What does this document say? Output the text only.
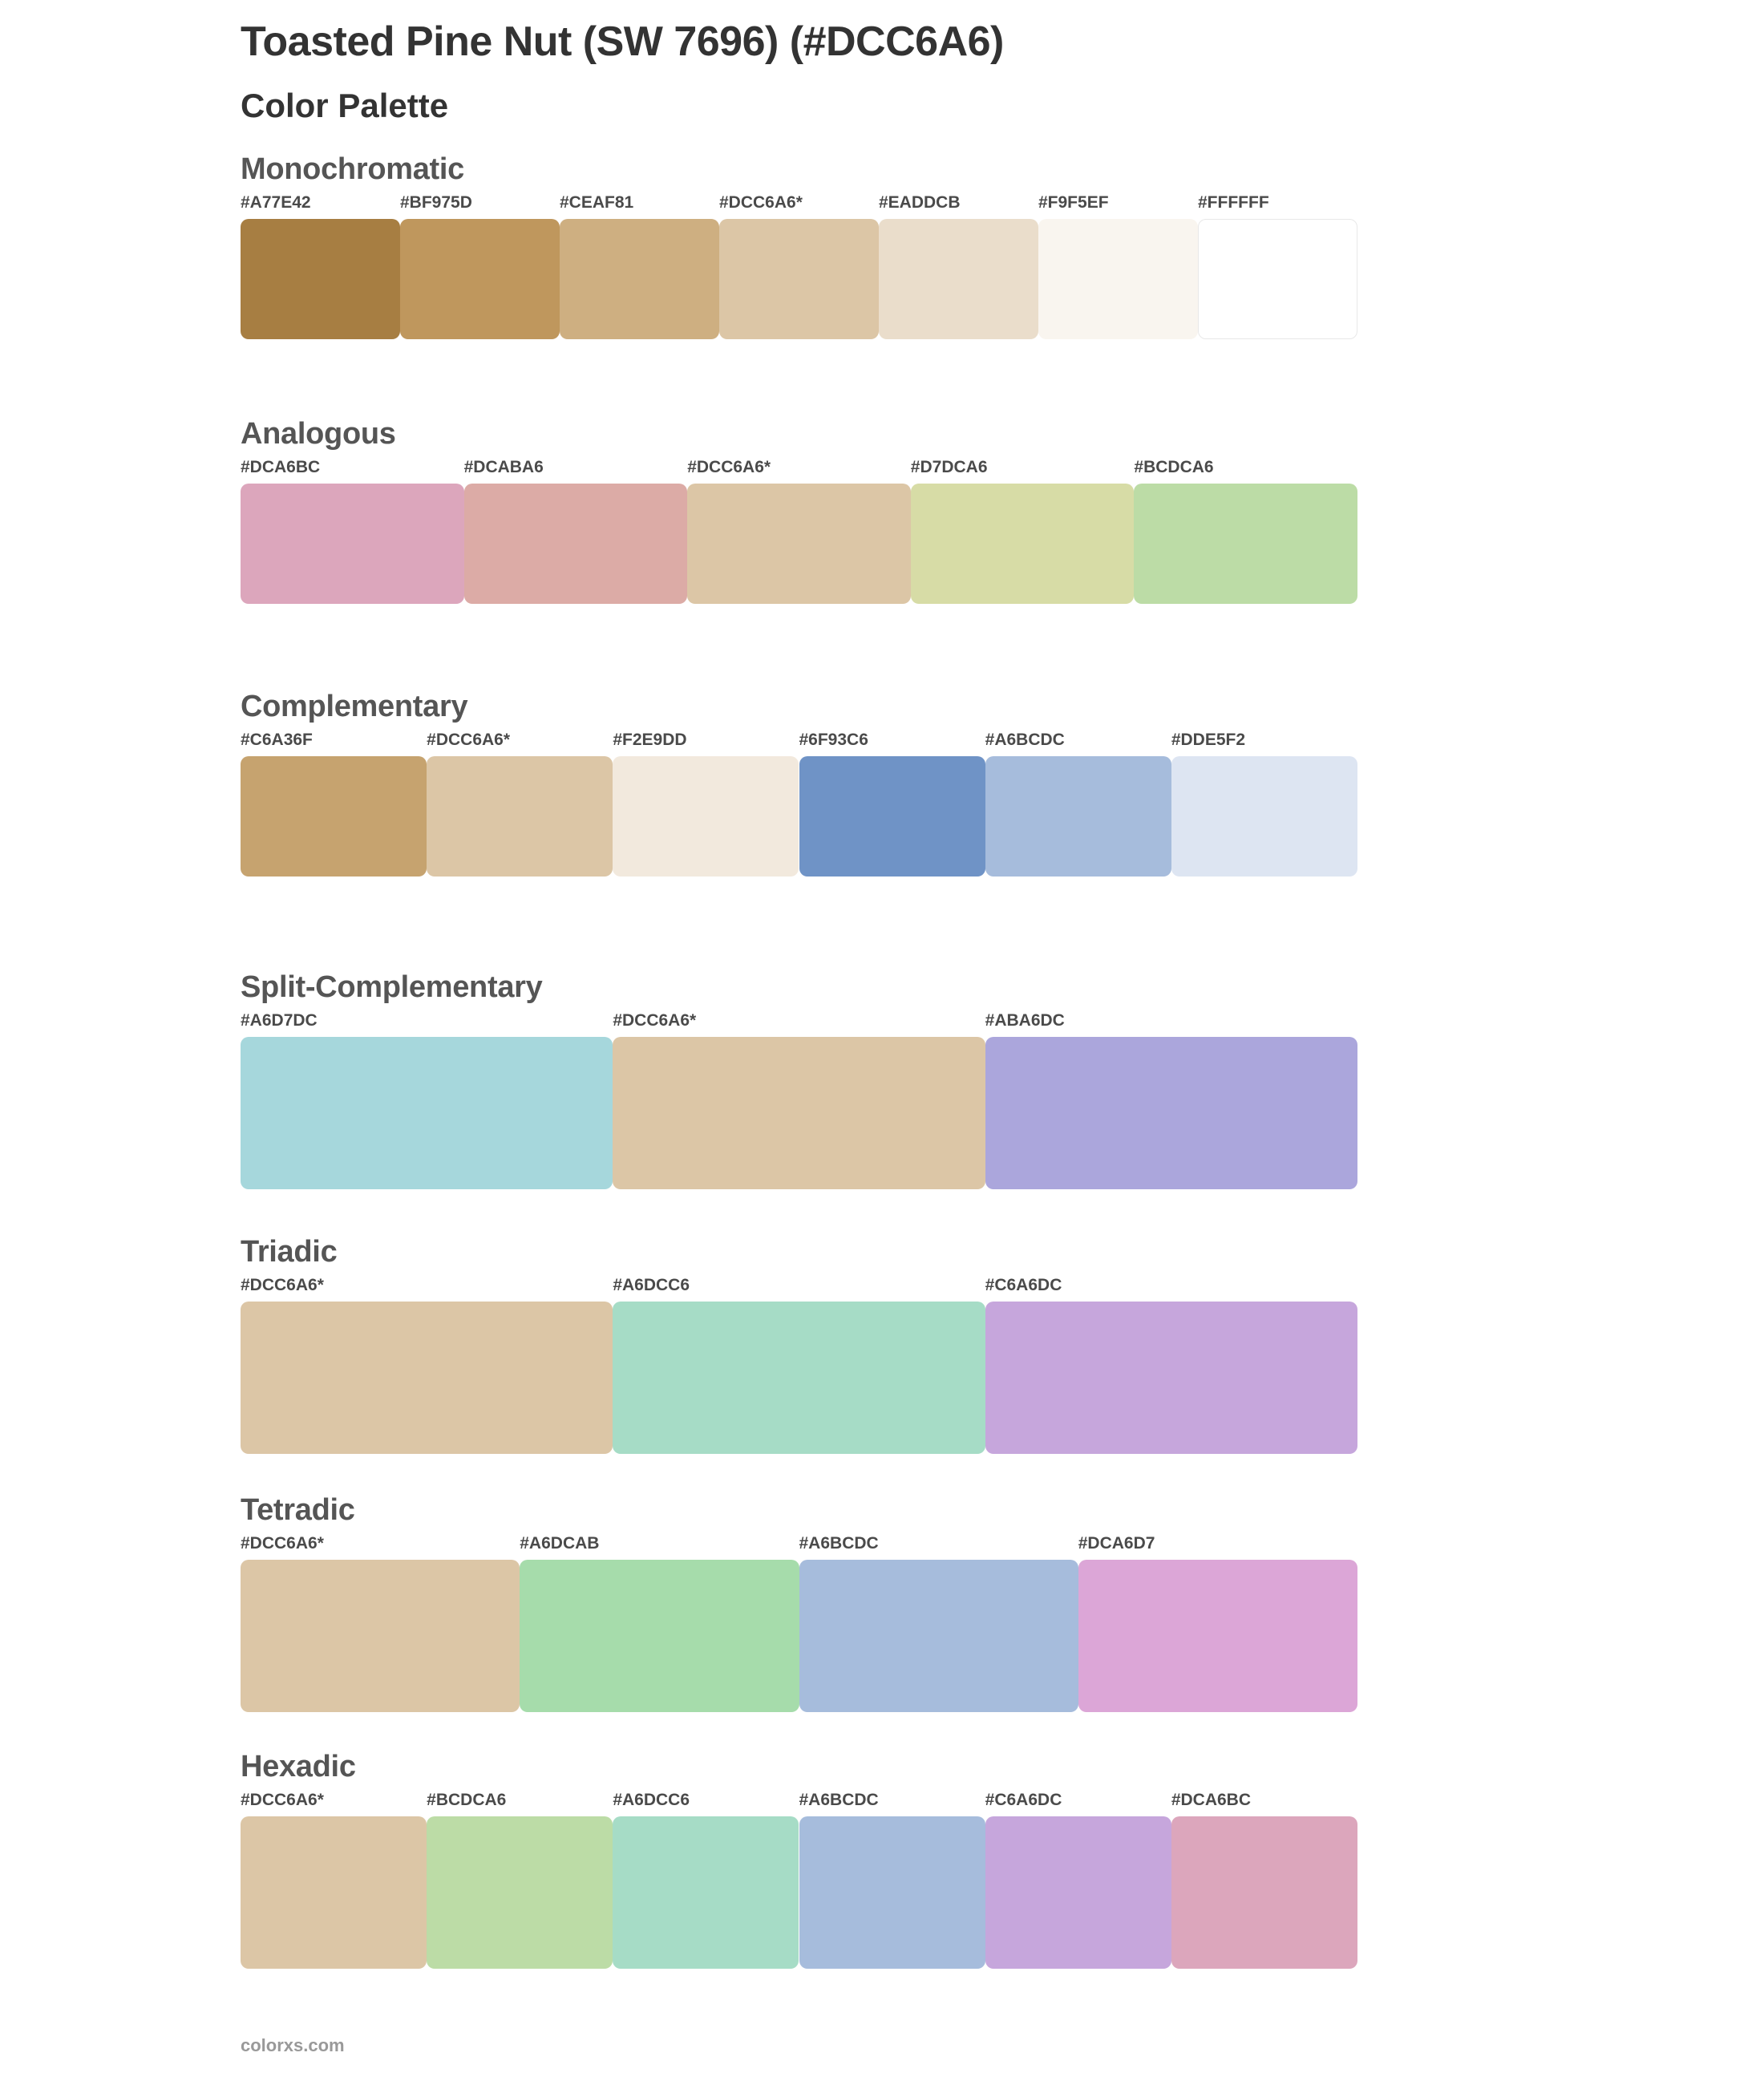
Toasted Pine Nut (SW 7696) (#DCC6A6)
Color Palette
Monochromatic
#A77E42	#BF975D	#CEAF81	#DCC6A6*	#EADDCB	#F9F5EF	#FFFFFF
Analogous
#DCA6BC	#DCABA6	#DCC6A6*	#D7DCA6	#BCDCA6
Complementary
#C6A36F	#DCC6A6*	#F2E9DD	#6F93C6	#A6BCDC	#DDE5F2
Split-Complementary
#A6D7DC	#DCC6A6*	#ABA6DC
Triadic
#DCC6A6*	#A6DCC6	#C6A6DC
Tetradic
#DCC6A6*	#A6DCAB	#A6BCDC	#DCA6D7
Hexadic
#DCC6A6*	#BCDCA6	#A6DCC6	#A6BCDC	#C6A6DC	#DCA6BC
colorxs.com
